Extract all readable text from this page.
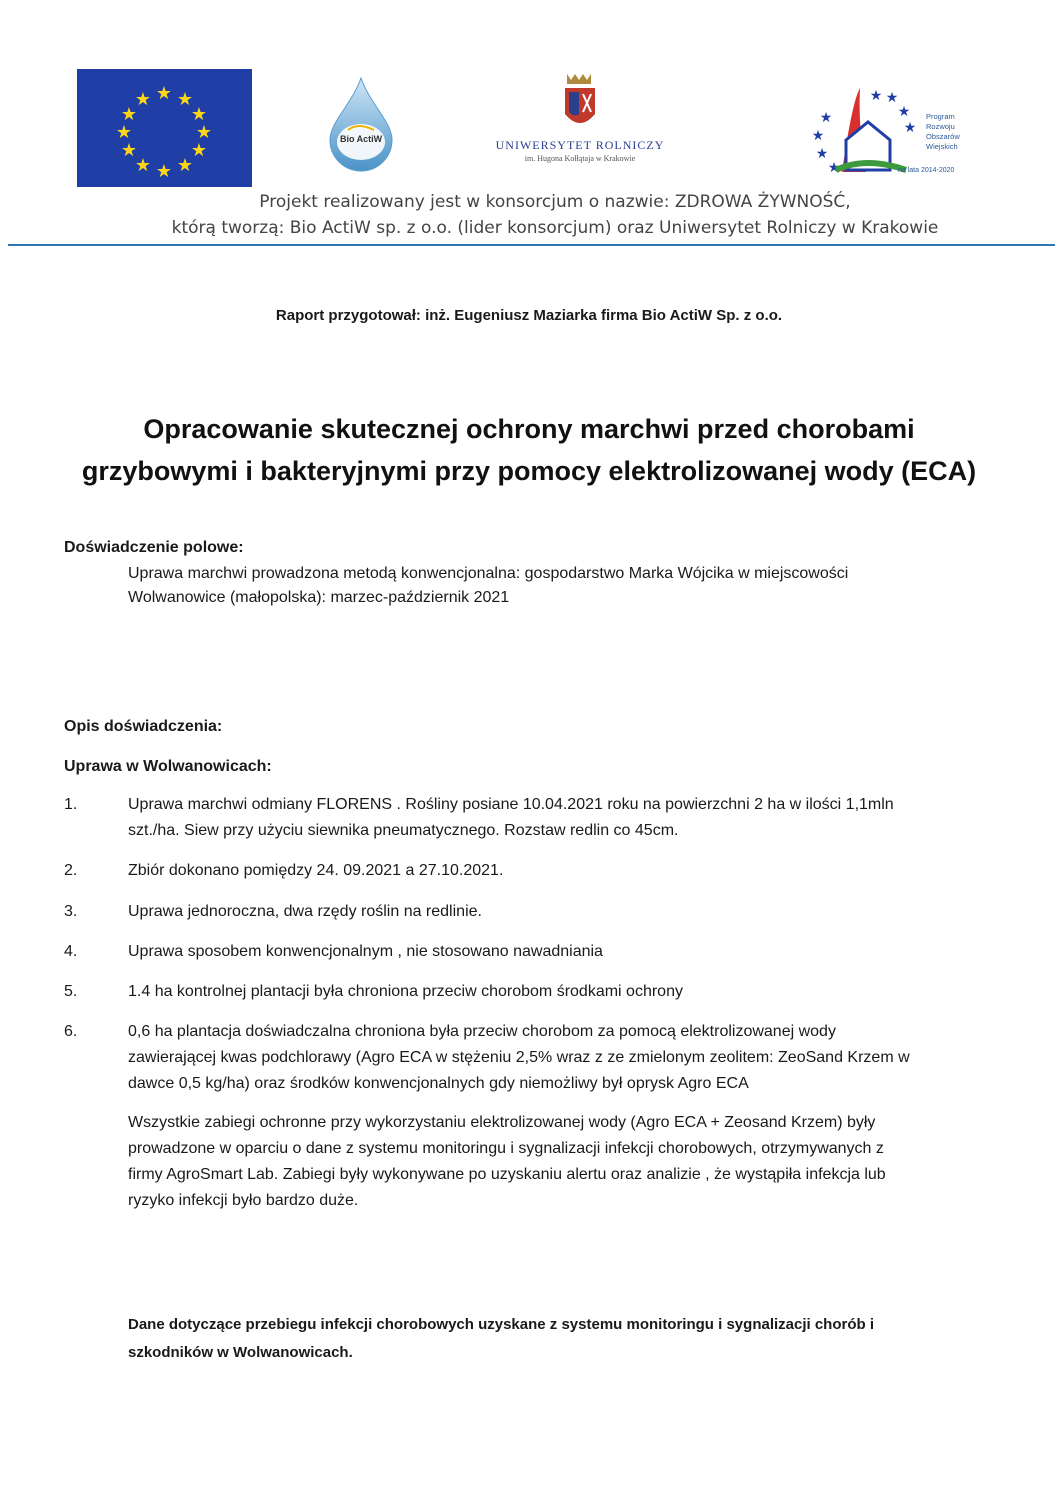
★ ★
★
★
★
★
★
★
★
★
★
★
Bio ActiW	UNIWERSYTET ROLNICZY
im. Hugona Kołłątaja w Krakowie
★
★
★
★
★ ★
★
★
Program
Rozwoju
Obszarów
Wiejskich
na lata 2014-2020
Projekt realizowany jest w konsorcjum o nazwie: ZDROWA ŻYWNOŚĆ,
którą tworzą: Bio ActiW sp. z o.o. (lider konsorcjum) oraz Uniwersytet Rolniczy w Krakowie
Raport przygotował: inż. Eugeniusz Maziarka firma Bio ActiW Sp. z o.o.
Opracowanie skutecznej ochrony marchwi przed chorobami
grzybowymi i bakteryjnymi przy pomocy elektrolizowanej wody (ECA)
Doświadczenie polowe:
Uprawa marchwi prowadzona metodą konwencjonalna: gospodarstwo Marka Wójcika w miejscowości
Wolwanowice (małopolska): marzec-październik 2021
Opis doświadczenia:
Uprawa w Wolwanowicach:
1.	Uprawa marchwi odmiany FLORENS . Rośliny posiane 10.04.2021 roku na powierzchni 2 ha w ilości 1,1mln
szt./ha. Siew przy użyciu siewnika pneumatycznego. Rozstaw redlin co 45cm.
2.	Zbiór dokonano pomiędzy 24. 09.2021 a 27.10.2021.
3.	Uprawa jednoroczna, dwa rzędy roślin na redlinie.
4.	Uprawa sposobem konwencjonalnym , nie stosowano nawadniania
5.	1.4 ha kontrolnej plantacji była chroniona przeciw chorobom środkami ochrony
6.	0,6 ha plantacja doświadczalna chroniona była przeciw chorobom za pomocą elektrolizowanej wody
zawierającej kwas podchlorawy (Agro ECA w stężeniu 2,5% wraz z ze zmielonym zeolitem: ZeoSand Krzem w
dawce 0,5 kg/ha) oraz środków konwencjonalnych gdy niemożliwy był oprysk Agro ECA
Wszystkie zabiegi ochronne przy wykorzystaniu elektrolizowanej wody (Agro ECA + Zeosand Krzem) były
prowadzone w oparciu o dane z systemu monitoringu i sygnalizacji infekcji chorobowych, otrzymywanych z
firmy AgroSmart Lab. Zabiegi były wykonywane po uzyskaniu alertu oraz analizie , że wystąpiła infekcja lub
ryzyko infekcji było bardzo duże.
Dane dotyczące przebiegu infekcji chorobowych uzyskane z systemu monitoringu i sygnalizacji chorób i
szkodników w Wolwanowicach.
